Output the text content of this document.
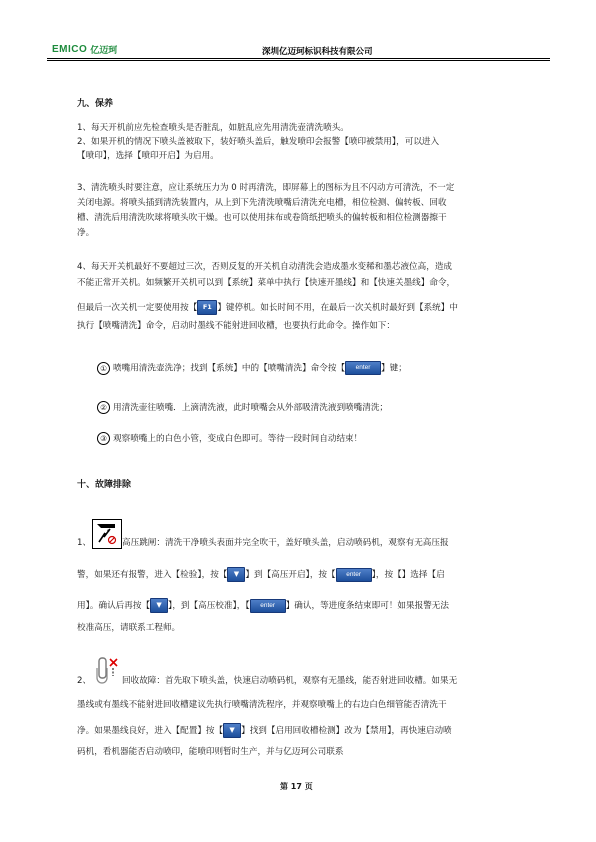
EMICO 亿迈珂	深圳亿迈珂标识科技有限公司
九、保养
1、每天开机前应先检查喷头是否脏乱，如脏乱应先用清洗壶清洗喷头。
2、如果开机的情况下喷头盖被取下，装好喷头盖后，触发喷印会报警【喷印被禁用】，可以进入
【喷印】，选择【喷印开启】为启用。
3、清洗喷头时要注意，应让系统压力为 0 时再清洗，即屏幕上的图标为且不闪动方可清洗，不一定
关闭电源。将喷头插到清洗装置内，从上到下先清洗喷嘴后清洗充电槽，相位检测、偏转板、回收
槽、清洗后用清洗吹球将喷头吹干燥。也可以使用抹布或卷筒纸把喷头的偏转板和相位检测器擦干
净。
4、每天开关机最好不要超过三次，否则反复的开关机自动清洗会造成墨水变稀和墨芯液位高，造成
不能正常开关机。如频繁开关机可以到【系统】菜单中执行【快速开墨线】和【快速关墨线】命令，
但最后一次关机一定要使用按【 F1 】键停机。如长时间不用，在最后一次关机时最好到【系统】中
执行【喷嘴清洗】命令，启动时墨线不能射进回收槽，也要执行此命令。操作如下：
① 喷嘴用清洗壶洗净；找到【系统】中的【喷嘴清洗】命令按【 enter 】键；
② 用清洗壶往喷嘴．上滴清洗液，此时喷嘴会从外部吸清洗液到喷嘴清洗；
③ 观察喷嘴上的白色小管，变成白色即可。等待一段时间自动结束！
十、故障排除
1、	高压跳闸：清洗干净喷头表面并完全吹干，盖好喷头盖，启动喷码机，观察有无高压报
警，如果还有报警，进入【检验】，按【 ▼ 】到【高压开启】，按【 enter 】，按【】选择【启
用】。确认后再按【 ▼ 】，到【高压校准】，【 enter 】确认，等进度条结束即可！如果报警无法
校准高压，请联系工程师。
2、	回收故障：首先取下喷头盖，快速启动喷码机，观察有无墨线，能否射进回收槽。如果无
墨线或有墨线不能射进回收槽建议先执行喷嘴清洗程序，并观察喷嘴上的右边白色细管能否清洗干
净。如果墨线良好，进入【配置】按【 ▼ 】找到【启用回收槽检测】改为【禁用】，再快速启动喷
码机，看机器能否启动喷印，能喷印则暂时生产，并与亿迈珂公司联系
第 17 页
